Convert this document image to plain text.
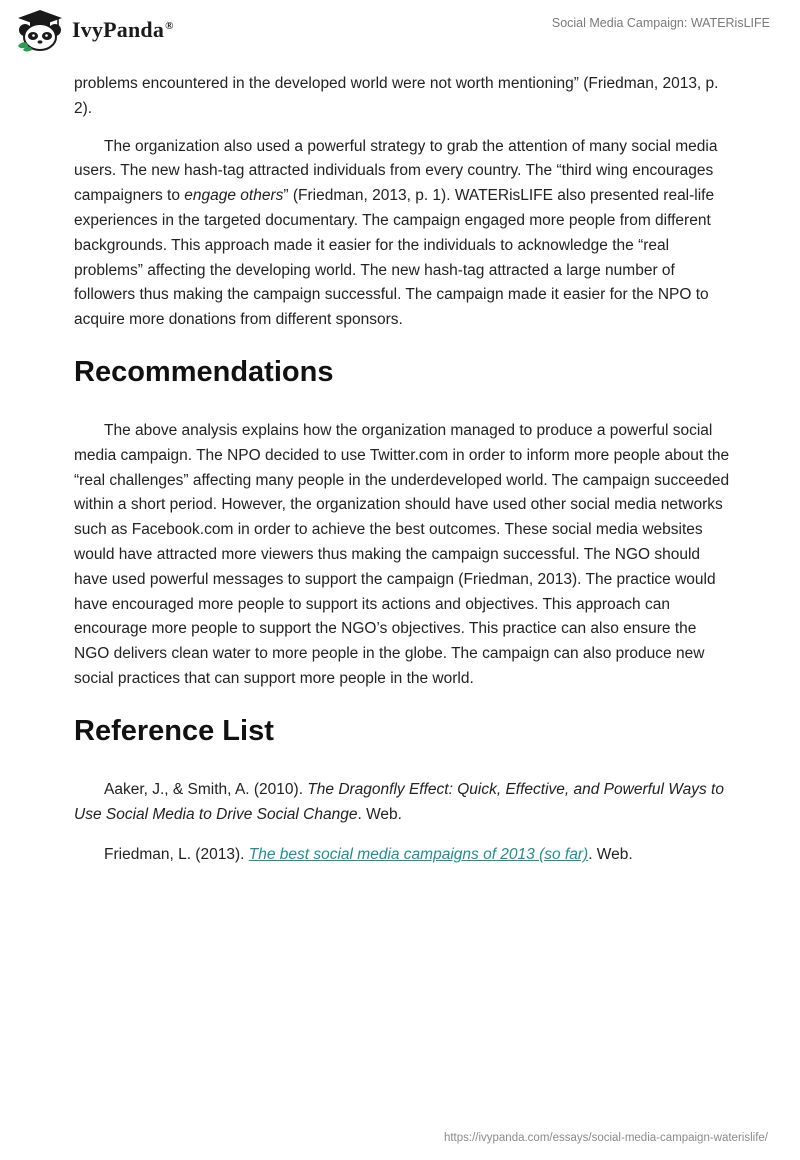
IvyPanda®	Social Media Campaign: WATERisLIFE

problems encountered in the developed world were not worth mentioning” (Friedman, 2013, p. 2).

The organization also used a powerful strategy to grab the attention of many social media users. The new hash-tag attracted individuals from every country. The “third wing encourages campaigners to engage others” (Friedman, 2013, p. 1). WATERisLIFE also presented real-life experiences in the targeted documentary. The campaign engaged more people from different backgrounds. This approach made it easier for the individuals to acknowledge the “real problems” affecting the developing world. The new hash-tag attracted a large number of followers thus making the campaign successful. The campaign made it easier for the NPO to acquire more donations from different sponsors.

Recommendations

The above analysis explains how the organization managed to produce a powerful social media campaign. The NPO decided to use Twitter.com in order to inform more people about the “real challenges” affecting many people in the underdeveloped world. The campaign succeeded within a short period. However, the organization should have used other social media networks such as Facebook.com in order to achieve the best outcomes. These social media websites would have attracted more viewers thus making the campaign successful. The NGO should have used powerful messages to support the campaign (Friedman, 2013). The practice would have encouraged more people to support its actions and objectives. This approach can encourage more people to support the NGO’s objectives. This practice can also ensure the NGO delivers clean water to more people in the globe. The campaign can also produce new social practices that can support more people in the world.

Reference List

Aaker, J., & Smith, A. (2010). The Dragonfly Effect: Quick, Effective, and Powerful Ways to Use Social Media to Drive Social Change. Web.

Friedman, L. (2013). The best social media campaigns of 2013 (so far). Web.

https://ivypanda.com/essays/social-media-campaign-waterislife/
